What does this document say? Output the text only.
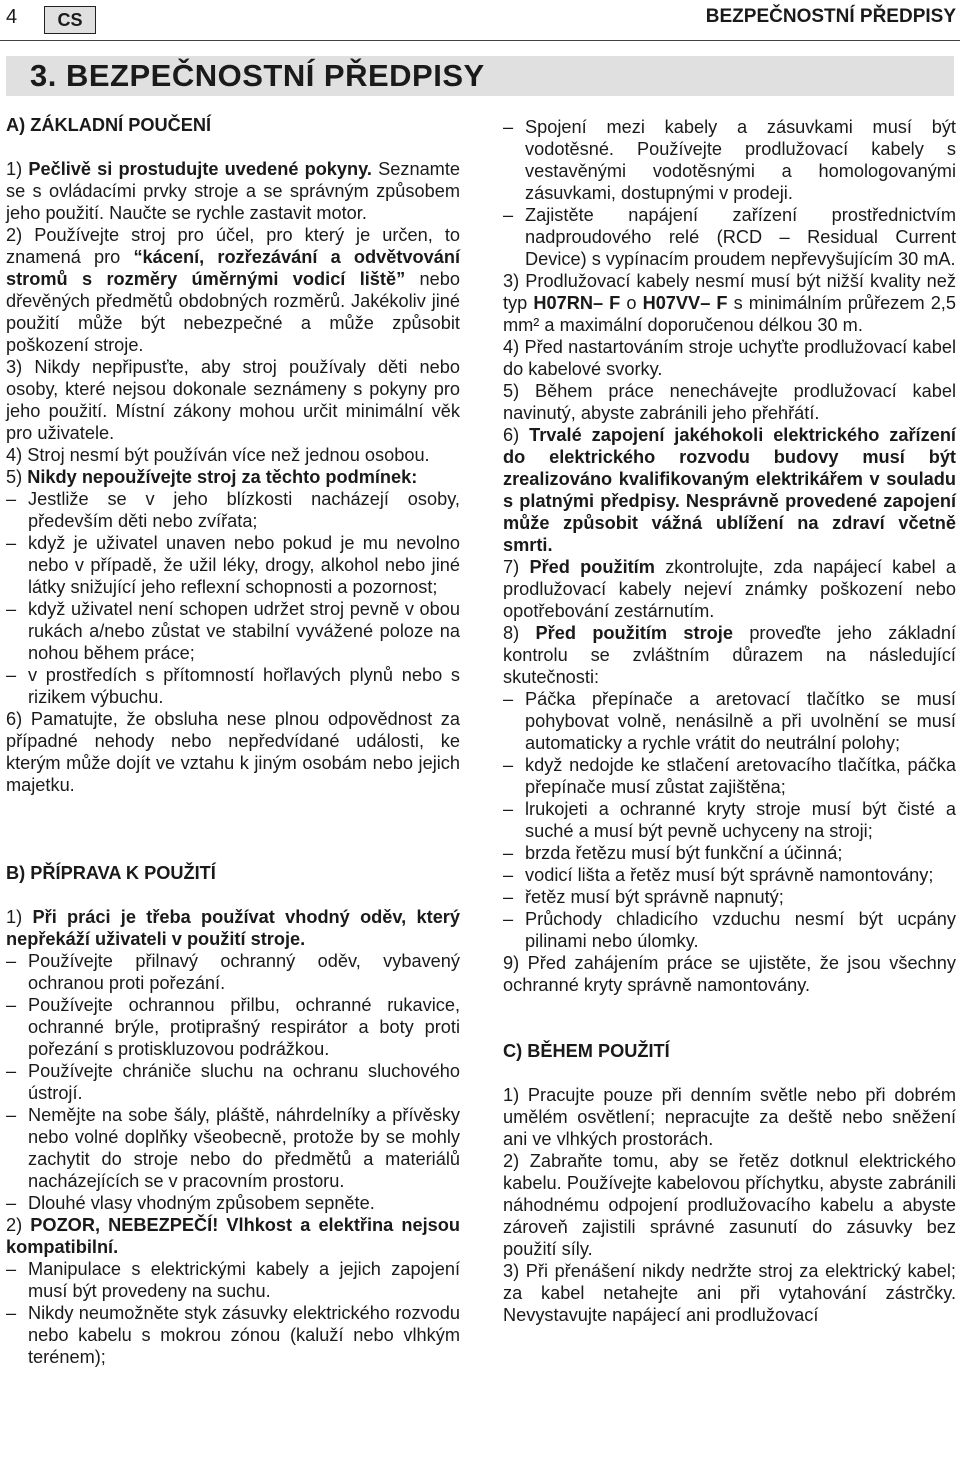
4	CS	BEZPEČNOSTNÍ PŘEDPISY
3. BEZPEČNOSTNÍ PŘEDPISY

A) ZÁKLADNÍ POUČENÍ

1) Pečlivě si prostudujte uvedené pokyny. Seznamte se s ovládacími prvky stroje a se správným způsobem jeho použití. Naučte se rychle zastavit motor.

2) Používejte stroj pro účel, pro který je určen, to znamená pro “kácení, rozřezávání a odvětvování stromů s rozměry úměrnými vodicí liště” nebo dřevěných předmětů obdobných rozměrů. Jakékoliv jiné použití může být nebezpečné a může způsobit poškození stroje.

3) Nikdy nepřipusťte, aby stroj používaly děti nebo osoby, které nejsou dokonale seznámeny s pokyny pro jeho použití. Místní zákony mohou určit minimální věk pro uživatele.

4) Stroj nesmí být používán více než jednou osobou.

5) Nikdy nepoužívejte stroj za těchto podmínek:

– Jestliže se v jeho blízkosti nacházejí osoby, především děti nebo zvířata;

– když je uživatel unaven nebo pokud je mu nevolno nebo v případě, že užil léky, drogy, alkohol nebo jiné látky snižující jeho reflexní schopnosti a pozornost;

– když uživatel není schopen udržet stroj pevně v obou rukách a/nebo zůstat ve stabilní vyvážené poloze na nohou během práce;

– v prostředích s přítomností hořlavých plynů nebo s rizikem výbuchu.

6) Pamatujte, že obsluha nese plnou odpovědnost za případné nehody nebo nepředvídané události, ke kterým může dojít ve vztahu k jiným osobám nebo jejich majetku.

B) PŘÍPRAVA K POUŽITÍ

1) Při práci je třeba používat vhodný oděv, který nepřekáží uživateli v použití stroje.

– Používejte přilnavý ochranný oděv, vybavený ochranou proti pořezání.

– Používejte ochrannou přilbu, ochranné rukavice, ochranné brýle, protiprašný respirátor a boty proti pořezání s protiskluzovou podrážkou.

– Používejte chrániče sluchu na ochranu sluchového ústrojí.

– Nemějte na sobe šály, pláště, náhrdelníky a přívěsky nebo volné doplňky všeobecně, protože by se mohly zachytit do stroje nebo do předmětů a materiálů nacházejících se v pracovním prostoru.

– Dlouhé vlasy vhodným způsobem sepněte.

2) POZOR, NEBEZPEČÍ! Vlhkost a elektřina nejsou kompatibilní.

– Manipulace s elektrickými kabely a jejich zapojení musí být provedeny na suchu.

– Nikdy neumožněte styk zásuvky elektrického rozvodu nebo kabelu s mokrou zónou (kaluží nebo vlhkým terénem);

– Spojení mezi kabely a zásuvkami musí být vodotěsné. Používejte prodlužovací kabely s vestavěnými vodotěsnými a homologovanými zásuvkami, dostupnými v prodeji.

– Zajistěte napájení zařízení prostřednictvím nadproudového relé (RCD – Residual Current Device) s vypínacím proudem nepřevyšujícím 30 mA.

3) Prodlužovací kabely nesmí musí být nižší kvality než typ H07RN– F o H07VV– F s minimálním průřezem 2,5 mm² a maximální doporučenou délkou 30 m.

4) Před nastartováním stroje uchyťte prodlužovací kabel do kabelové svorky.

5) Během práce nenechávejte prodlužovací kabel navinutý, abyste zabránili jeho přehřátí.

6) Trvalé zapojení jakéhokoli elektrického zařízení do elektrického rozvodu budovy musí být zrealizováno kvalifikovaným elektrikářem v souladu s platnými předpisy. Nesprávně provedené zapojení může způsobit vážná ublížení na zdraví včetně smrti.

7) Před použitím zkontrolujte, zda napájecí kabel a prodlužovací kabely nejeví známky poškození nebo opotřebování zestárnutím.

8) Před použitím stroje proveďte jeho základní kontrolu se zvláštním důrazem na následující skutečnosti:

– Páčka přepínače a aretovací tlačítko se musí pohybovat volně, nenásilně a při uvolnění se musí automaticky a rychle vrátit do neutrální polohy;

– když nedojde ke stlačení aretovacího tlačítka, páčka přepínače musí zůstat zajištěna;

– lrukojeti a ochranné kryty stroje musí být čisté a suché a musí být pevně uchyceny na stroji;

– brzda řetězu musí být funkční a účinná;

– vodicí lišta a řetěz musí být správně namontovány;

– řetěz musí být správně napnutý;

– Průchody chladicího vzduchu nesmí být ucpány pilinami nebo úlomky.

9) Před zahájením práce se ujistěte, že jsou všechny ochranné kryty správně namontovány.

C) BĚHEM POUŽITÍ

1) Pracujte pouze při denním světle nebo při dobrém umělém osvětlení; nepracujte za deště nebo sněžení ani ve vlhkých prostorách.

2) Zabraňte tomu, aby se řetěz dotknul elektrického kabelu. Používejte kabelovou příchytku, abyste zabránili náhodnému odpojení prodlužovacího kabelu a abyste zároveň zajistili správné zasunutí do zásuvky bez použití síly.

3) Při přenášení nikdy nedržte stroj za elektrický kabel; za kabel netahejte ani při vytahování zástrčky. Nevystavujte napájecí ani prodlužovací
